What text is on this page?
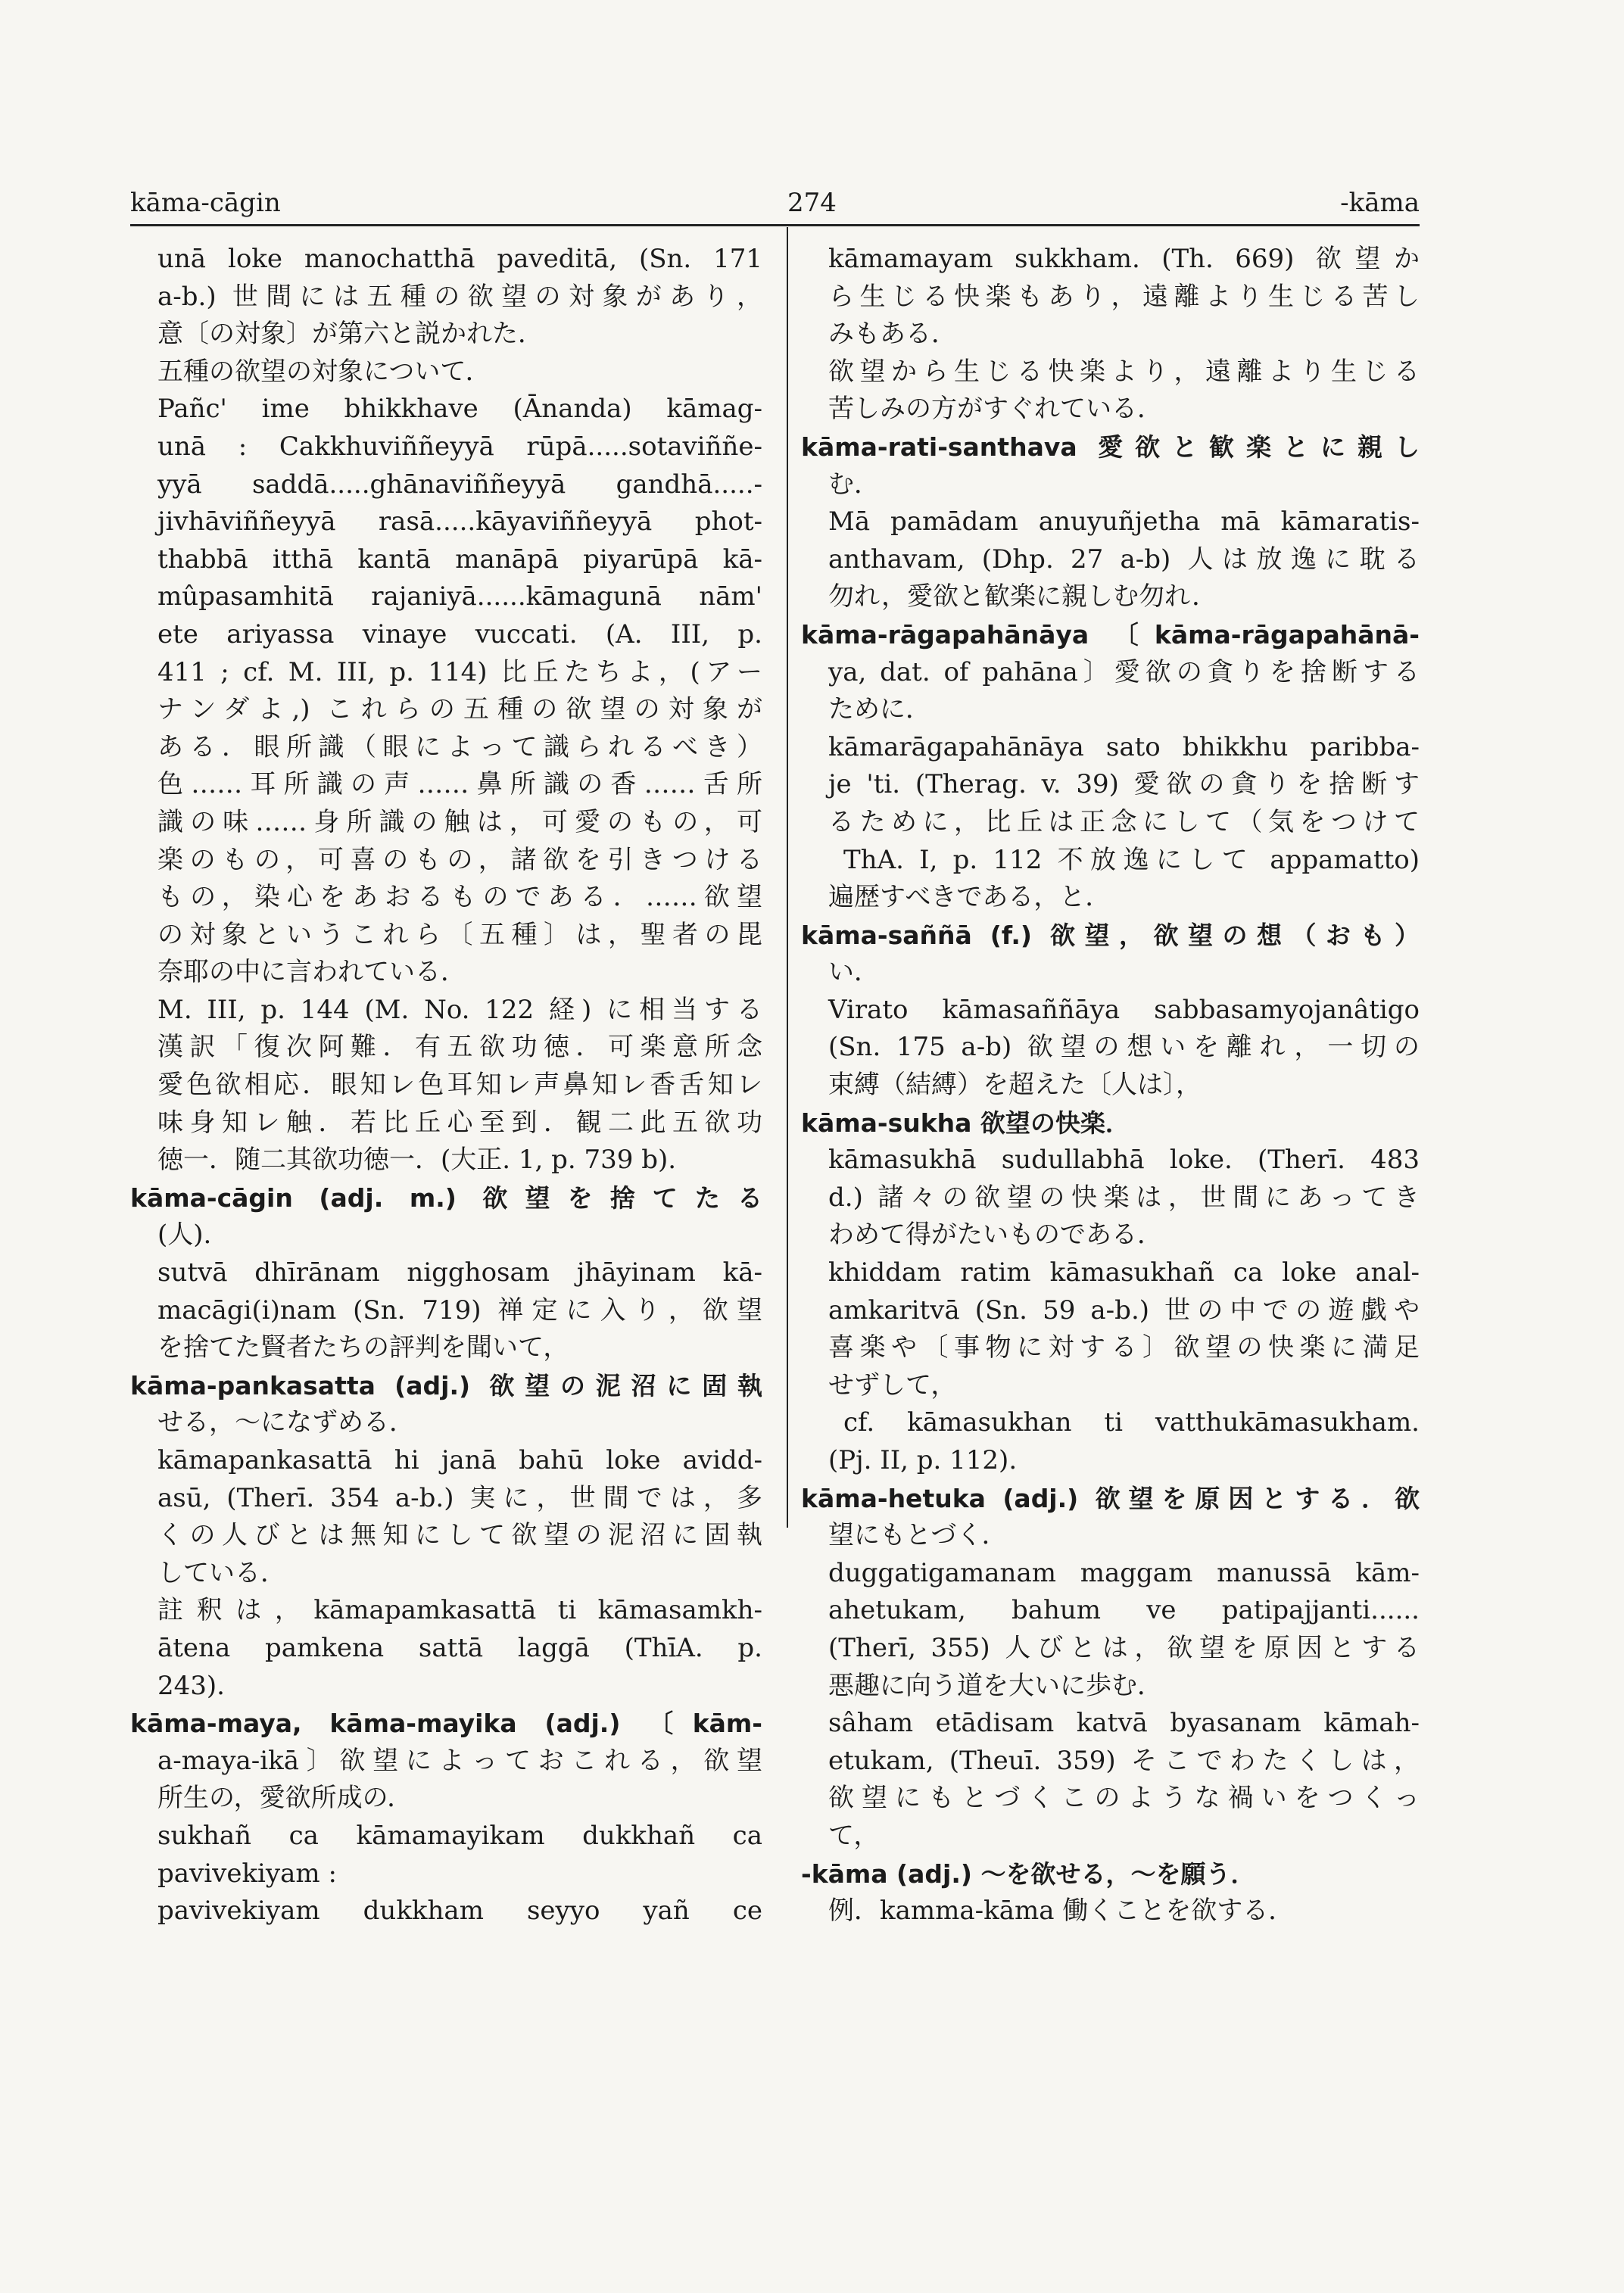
kāma-cāgin	274	-kāma
unā loke manochatthā paveditā, (Sn. 171
a-b.) 世間には五種の欲望の対象があり，
意〔の対象〕が第六と説かれた．
五種の欲望の対象について．
Pañc' ime bhikkhave (Ānanda) kāmag-
unā : Cakkhuviññeyyā rūpā.....sotaviññe-
yyā saddā.....ghānaviññeyyā gandhā.....-
jivhāviññeyyā rasā.....kāyaviññeyyā phot-
thabbā itthā kantā manāpā piyarūpā kā-
mûpasamhitā rajaniyā......kāmagunā nām'
ete ariyassa vinaye vuccati. (A. III, p.
411 ; cf. M. III, p. 114) 比丘たちよ，(アー
ナンダよ,) これらの五種の欲望の対象が
ある．眼所識（眼によって識られるべき）
色……耳所識の声……鼻所識の香……舌所
識の味……身所識の触は，可愛のもの，可
楽のもの，可喜のもの，諸欲を引きつける
もの，染心をあおるものである．……欲望
の対象というこれら〔五種〕は，聖者の毘
奈耶の中に言われている．
M. III, p. 144 (M. No. 122 経) に相当する
漢訳「復次阿難．有五欲功徳．可楽意所念
愛色欲相応．眼知レ色耳知レ声鼻知レ香舌知レ
味身知レ触．若比丘心至到．観二此五欲功
徳一．随二其欲功徳一．(大正. 1, p. 739 b).
kāma-cāgin (adj. m.) 欲望を捨てたる
(人).
sutvā dhīrānam nigghosam jhāyinam kā-
macāgi(i)nam (Sn. 719) 禅定に入り，欲望
を捨てた賢者たちの評判を聞いて，
kāma-pankasatta (adj.) 欲望の泥沼に固執
せる，〜になずめる．
kāmapankasattā hi janā bahū loke avidd-
asū, (Therī. 354 a-b.) 実に，世間では，多
くの人びとは無知にして欲望の泥沼に固執
している．
註釈は，kāmapamkasattā ti kāmasamkh-
ātena pamkena sattā laggā (ThīA. p.
243).
kāma-maya, kāma-mayika (adj.) 〔kām-
a-maya-ikā〕欲望によっておこれる，欲望
所生の，愛欲所成の．
sukhañ ca kāmamayikam dukkhañ ca
pavivekiyam :
pavivekiyam dukkham seyyo yañ ce
kāmamayam sukkham. (Th. 669) 欲望か
ら生じる快楽もあり，遠離より生じる苦し
みもある．
欲望から生じる快楽より，遠離より生じる
苦しみの方がすぐれている．
kāma-rati-santhava 愛欲と歓楽とに親し
む．
Mā pamādam anuyuñjetha mā kāmaratis-
anthavam, (Dhp. 27 a-b) 人は放逸に耽る
勿れ，愛欲と歓楽に親しむ勿れ．
kāma-rāgapahānāya 〔kāma-rāgapahānā-
ya, dat. of pahāna〕愛欲の貪りを捨断する
ために．
kāmarāgapahānāya sato bhikkhu paribba-
je 'ti. (Therag. v. 39) 愛欲の貪りを捨断す
るために，比丘は正念にして（気をつけて
ThA. I, p. 112 不放逸にして appamatto)
遍歴すべきである，と．
kāma-saññā (f.) 欲望，欲望の想（おも）
い．
Virato kāmasaññāya sabbasamyojanâtigo
(Sn. 175 a-b) 欲望の想いを離れ，一切の
束縛（結縛）を超えた〔人は〕，
kāma-sukha 欲望の快楽．
kāmasukhā sudullabhā loke. (Therī. 483
d.) 諸々の欲望の快楽は，世間にあってき
わめて得がたいものである．
khiddam ratim kāmasukhañ ca loke anal-
amkaritvā (Sn. 59 a-b.) 世の中での遊戯や
喜楽や〔事物に対する〕欲望の快楽に満足
せずして，
cf. kāmasukhan ti vatthukāmasukham.
(Pj. II, p. 112).
kāma-hetuka (adj.) 欲望を原因とする．欲
望にもとづく．
duggatigamanam maggam manussā kām-
ahetukam, bahum ve patipajjanti......
(Therī, 355) 人びとは，欲望を原因とする
悪趣に向う道を大いに歩む．
sâham etādisam katvā byasanam kāmah-
etukam, (Theuī. 359) そこでわたくしは，
欲望にもとづくこのような禍いをつくっ
て，
-kāma (adj.) 〜を欲せる，〜を願う．
例．kamma-kāma 働くことを欲する．
